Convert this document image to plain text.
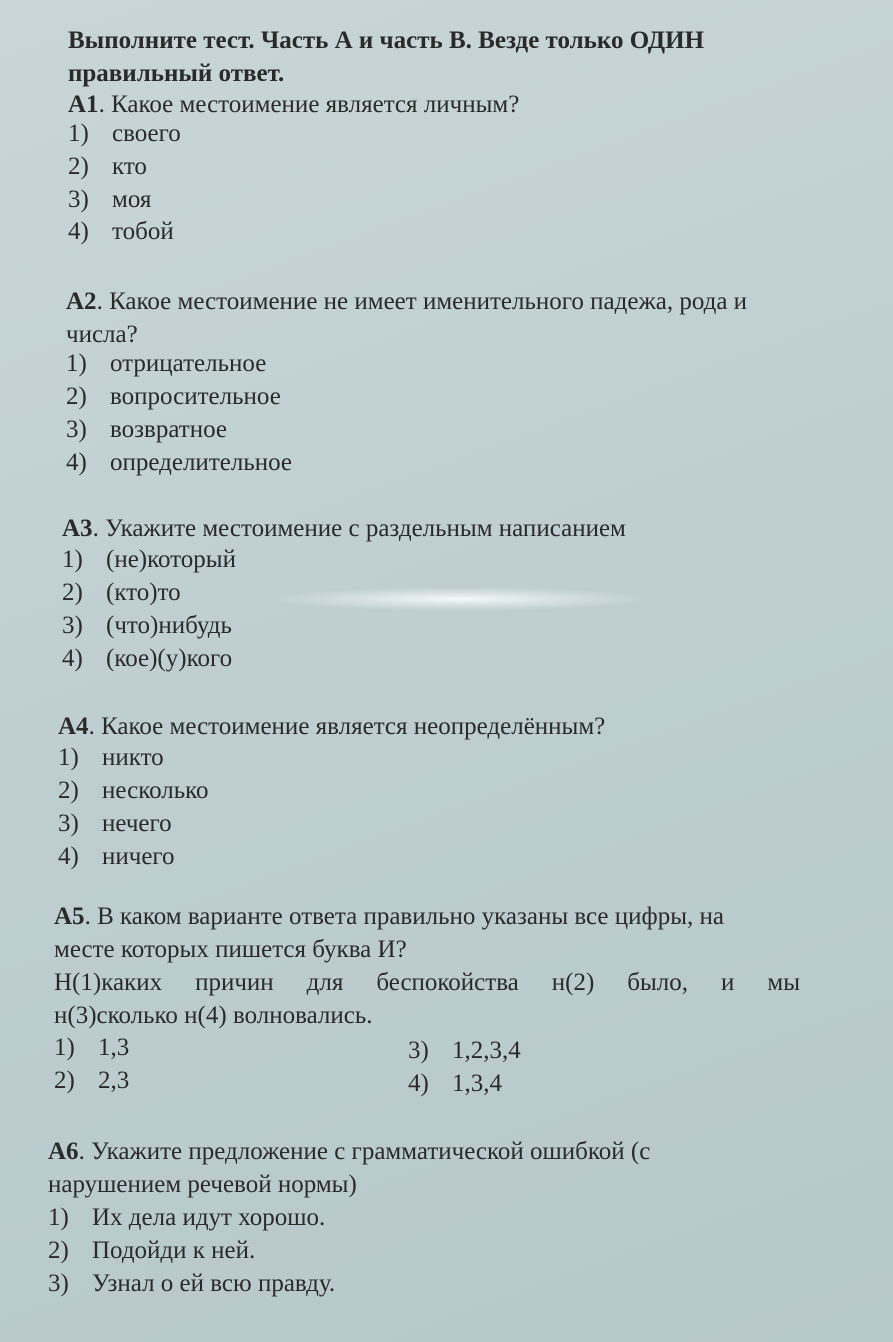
Выполните тест. Часть А и часть В. Везде только ОДИН
правильный ответ.
А1. Какое местоимение является личным?
1) своего
2) кто
3) моя
4) тобой
А2. Какое местоимение не имеет именительного падежа, рода и
числа?
1) отрицательное
2) вопросительное
3) возвратное
4) определительное
А3. Укажите местоимение с раздельным написанием
1) (не)который
2) (кто)то
3) (что)нибудь
4) (кое)(у)кого
А4. Какое местоимение является неопределённым?
1) никто
2) несколько
3) нечего
4) ничего
А5. В каком варианте ответа правильно указаны все цифры, на
месте которых пишется буква И?
Н(1)каких причин для беспокойства н(2) было, и мы
н(3)сколько н(4) волновались.
1) 1,3
2) 2,3
3) 1,2,3,4
4) 1,3,4
А6. Укажите предложение с грамматической ошибкой (с
нарушением речевой нормы)
1) Их дела идут хорошо.
2) Подойди к ней.
3) Узнал о ей всю правду.
